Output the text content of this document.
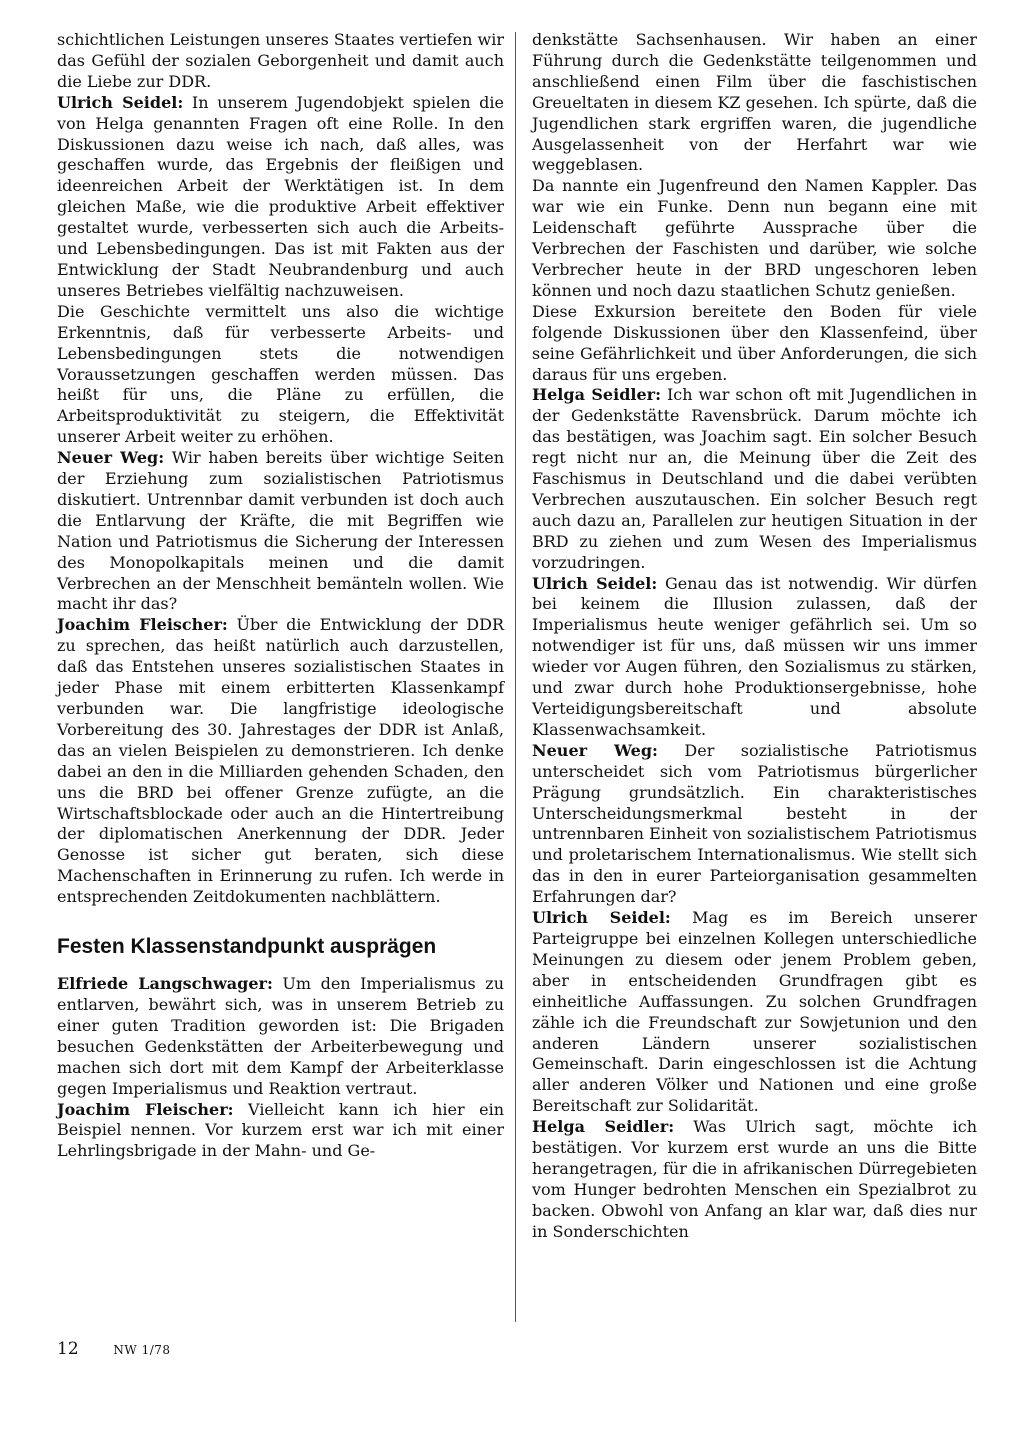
schichtlichen Leistungen unseres Staates vertiefen wir das Gefühl der sozialen Geborgenheit und damit auch die Liebe zur DDR.

Ulrich Seidel: In unserem Jugendobjekt spielen die von Helga genannten Fragen oft eine Rolle. In den Diskussionen dazu weise ich nach, daß alles, was geschaffen wurde, das Ergebnis der fleißigen und ideenreichen Arbeit der Werktätigen ist. In dem gleichen Maße, wie die produktive Arbeit effektiver gestaltet wurde, verbesserten sich auch die Arbeits- und Lebensbedingungen. Das ist mit Fakten aus der Entwicklung der Stadt Neubrandenburg und auch unseres Betriebes vielfältig nachzuweisen.

Die Geschichte vermittelt uns also die wichtige Erkenntnis, daß für verbesserte Arbeits- und Lebensbedingungen stets die notwendigen Voraussetzungen geschaffen werden müssen. Das heißt für uns, die Pläne zu erfüllen, die Arbeitsproduktivität zu steigern, die Effektivität unserer Arbeit weiter zu erhöhen.

Neuer Weg: Wir haben bereits über wichtige Seiten der Erziehung zum sozialistischen Patriotismus diskutiert. Untrennbar damit verbunden ist doch auch die Entlarvung der Kräfte, die mit Begriffen wie Nation und Patriotismus die Sicherung der Interessen des Monopolkapitals meinen und die damit Verbrechen an der Menschheit bemänteln wollen. Wie macht ihr das?

Joachim Fleischer: Über die Entwicklung der DDR zu sprechen, das heißt natürlich auch darzustellen, daß das Entstehen unseres sozialistischen Staates in jeder Phase mit einem erbitterten Klassenkampf verbunden war. Die langfristige ideologische Vorbereitung des 30. Jahrestages der DDR ist Anlaß, das an vielen Beispielen zu demonstrieren. Ich denke dabei an den in die Milliarden gehenden Schaden, den uns die BRD bei offener Grenze zufügte, an die Wirtschaftsblockade oder auch an die Hintertreibung der diplomatischen Anerkennung der DDR. Jeder Genosse ist sicher gut beraten, sich diese Machenschaften in Erinnerung zu rufen. Ich werde in entsprechenden Zeitdokumenten nachblättern.

Festen Klassenstandpunkt ausprägen

Elfriede Langschwager: Um den Imperialismus zu entlarven, bewährt sich, was in unserem Betrieb zu einer guten Tradition geworden ist: Die Brigaden besuchen Gedenkstätten der Arbeiterbewegung und machen sich dort mit dem Kampf der Arbeiterklasse gegen Imperialismus und Reaktion vertraut.

Joachim Fleischer: Vielleicht kann ich hier ein Beispiel nennen. Vor kurzem erst war ich mit einer Lehrlingsbrigade in der Mahn- und Ge-

denkstätte Sachsenhausen. Wir haben an einer Führung durch die Gedenkstätte teilgenommen und anschließend einen Film über die faschistischen Greueltaten in diesem KZ gesehen. Ich spürte, daß die Jugendlichen stark ergriffen waren, die jugendliche Ausgelassenheit von der Herfahrt war wie weggeblasen.

Da nannte ein Jugenfreund den Namen Kappler. Das war wie ein Funke. Denn nun begann eine mit Leidenschaft geführte Aussprache über die Verbrechen der Faschisten und darüber, wie solche Verbrecher heute in der BRD ungeschoren leben können und noch dazu staatlichen Schutz genießen.

Diese Exkursion bereitete den Boden für viele folgende Diskussionen über den Klassenfeind, über seine Gefährlichkeit und über Anforderungen, die sich daraus für uns ergeben.

Helga Seidler: Ich war schon oft mit Jugendlichen in der Gedenkstätte Ravensbrück. Darum möchte ich das bestätigen, was Joachim sagt. Ein solcher Besuch regt nicht nur an, die Meinung über die Zeit des Faschismus in Deutschland und die dabei verübten Verbrechen auszutauschen. Ein solcher Besuch regt auch dazu an, Parallelen zur heutigen Situation in der BRD zu ziehen und zum Wesen des Imperialismus vorzudringen.

Ulrich Seidel: Genau das ist notwendig. Wir dürfen bei keinem die Illusion zulassen, daß der Imperialismus heute weniger gefährlich sei. Um so notwendiger ist für uns, daß müssen wir uns immer wieder vor Augen führen, den Sozialismus zu stärken, und zwar durch hohe Produktionsergebnisse, hohe Verteidigungsbereitschaft und absolute Klassenwachsamkeit.

Neuer Weg: Der sozialistische Patriotismus unterscheidet sich vom Patriotismus bürgerlicher Prägung grundsätzlich. Ein charakteristisches Unterscheidungsmerkmal besteht in der untrennbaren Einheit von sozialistischem Patriotismus und proletarischem Internationalismus. Wie stellt sich das in den in eurer Parteiorganisation gesammelten Erfahrungen dar?

Ulrich Seidel: Mag es im Bereich unserer Parteigruppe bei einzelnen Kollegen unterschiedliche Meinungen zu diesem oder jenem Problem geben, aber in entscheidenden Grundfragen gibt es einheitliche Auffassungen. Zu solchen Grundfragen zähle ich die Freundschaft zur Sowjetunion und den anderen Ländern unserer sozialistischen Gemeinschaft. Darin eingeschlossen ist die Achtung aller anderen Völker und Nationen und eine große Bereitschaft zur Solidarität.

Helga Seidler: Was Ulrich sagt, möchte ich bestätigen. Vor kurzem erst wurde an uns die Bitte herangetragen, für die in afrikanischen Dürregebieten vom Hunger bedrohten Menschen ein Spezialbrot zu backen. Obwohl von Anfang an klar war, daß dies nur in Sonderschichten

12	NW 1/78
